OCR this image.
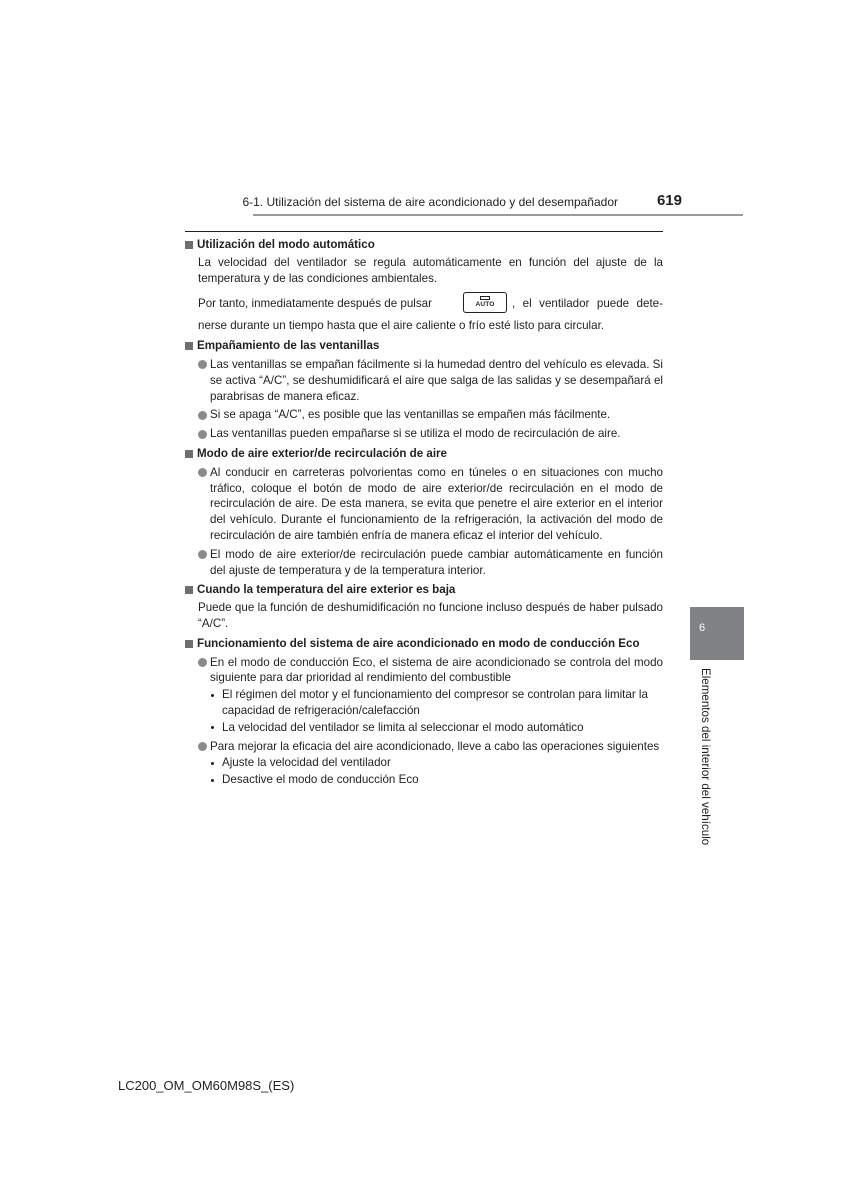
6-1. Utilización del sistema de aire acondicionado y del desempañador	619

Utilización del modo automático

La velocidad del ventilador se regula automáticamente en función del ajuste de la temperatura y de las condiciones ambientales.

Por tanto, inmediatamente después de pulsar	AUTO	, el ventilador puede dete-

nerse durante un tiempo hasta que el aire caliente o frío esté listo para circular.

Empañamiento de las ventanillas

Las ventanillas se empañan fácilmente si la humedad dentro del vehículo es elevada. Si se activa “A/C”, se deshumidificará el aire que salga de las salidas y se desempañará el parabrisas de manera eficaz.
Si se apaga “A/C”, es posible que las ventanillas se empañen más fácilmente.
Las ventanillas pueden empañarse si se utiliza el modo de recirculación de aire.

Modo de aire exterior/de recirculación de aire

Al conducir en carreteras polvorientas como en túneles o en situaciones con mucho tráfico, coloque el botón de modo de aire exterior/de recirculación en el modo de recirculación de aire. De esta manera, se evita que penetre el aire exterior en el interior del vehículo. Durante el funcionamiento de la refrigeración, la activación del modo de recirculación de aire también enfría de manera eficaz el interior del vehículo.
El modo de aire exterior/de recirculación puede cambiar automáticamente en función del ajuste de temperatura y de la temperatura interior.

Cuando la temperatura del aire exterior es baja

Puede que la función de deshumidificación no funcione incluso después de haber pulsado “A/C”.

Funcionamiento del sistema de aire acondicionado en modo de conducción Eco

En el modo de conducción Eco, el sistema de aire acondicionado se controla del modo siguiente para dar prioridad al rendimiento del combustible
El régimen del motor y el funcionamiento del compresor se controlan para limitar la capacidad de refrigeración/calefacción
La velocidad del ventilador se limita al seleccionar el modo automático
Para mejorar la eficacia del aire acondicionado, lleve a cabo las operaciones siguientes
Ajuste la velocidad del ventilador
Desactive el modo de conducción Eco
6
Elementos del interior del vehículo
LC200_OM_OM60M98S_(ES)
